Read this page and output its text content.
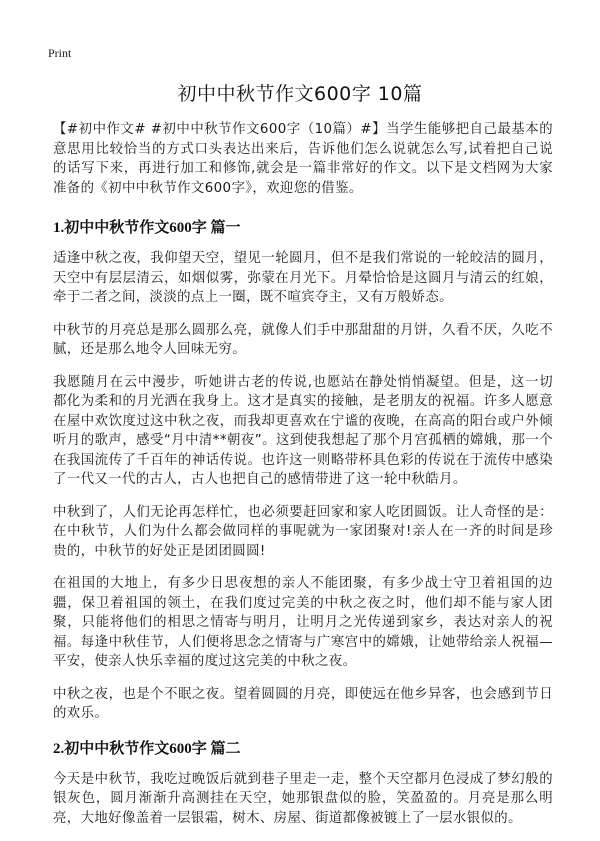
Print
初中中秋节作文600字 10篇

【#初中作文# #初中中秋节作文600字（10篇）#】当学生能够把自己最基本的意思用比较恰当的方式口头表达出来后，告诉他们怎么说就怎么写,试着把自己说的话写下来，再进行加工和修饰,就会是一篇非常好的作文。以下是文档网为大家准备的《初中中秋节作文600字》，欢迎您的借鉴。

1.初中中秋节作文600字 篇一

适逢中秋之夜，我仰望天空，望见一轮圆月，但不是我们常说的一轮皎洁的圆月，天空中有层层清云，如烟似雾，弥蒙在月光下。月晕恰恰是这圆月与清云的红娘，牵于二者之间，淡淡的点上一圈，既不喧宾夺主，又有万般娇态。

中秋节的月亮总是那么圆那么亮，就像人们手中那甜甜的月饼，久看不厌，久吃不腻，还是那么地令人回味无穷。

我愿随月在云中漫步，听她讲古老的传说,也愿站在静处悄悄凝望。但是，这一切都化为柔和的月光洒在我身上。这才是真实的接触，是老朋友的祝福。许多人愿意在屋中欢饮度过这中秋之夜，而我却更喜欢在宁谧的夜晚，在高高的阳台或户外倾听月的歌声，感受“月中清**朝夜”。这到使我想起了那个月宫孤栖的嫦娥，那一个在我国流传了千百年的神话传说。也许这一则略带杯具色彩的传说在于流传中感染了一代又一代的古人，古人也把自己的感情带进了这一轮中秋皓月。

中秋到了，人们无论再怎样忙，也必须要赶回家和家人吃团圆饭。让人奇怪的是：在中秋节，人们为什么都会做同样的事呢就为一家团聚对!亲人在一齐的时间是珍贵的，中秋节的好处正是团团圆圆!

在祖国的大地上，有多少日思夜想的亲人不能团聚，有多少战士守卫着祖国的边疆，保卫着祖国的领土，在我们度过完美的中秋之夜之时，他们却不能与家人团聚，只能将他们的相思之情寄与明月，让明月之光传递到家乡，表达对亲人的祝福。每逢中秋佳节，人们便将思念之情寄与广寒宫中的嫦娥，让她带给亲人祝福—平安，使亲人快乐幸福的度过这完美的中秋之夜。

中秋之夜，也是个不眠之夜。望着圆圆的月亮，即使远在他乡异客，也会感到节日的欢乐。

2.初中中秋节作文600字 篇二

今天是中秋节，我吃过晚饭后就到巷子里走一走，整个天空都月色浸成了梦幻般的银灰色，圆月渐渐升高测挂在天空，她那银盘似的脸，笑盈盈的。月亮是那么明亮，大地好像盖着一层银霜，树木、房屋、街道都像被镀上了一层水银似的。
